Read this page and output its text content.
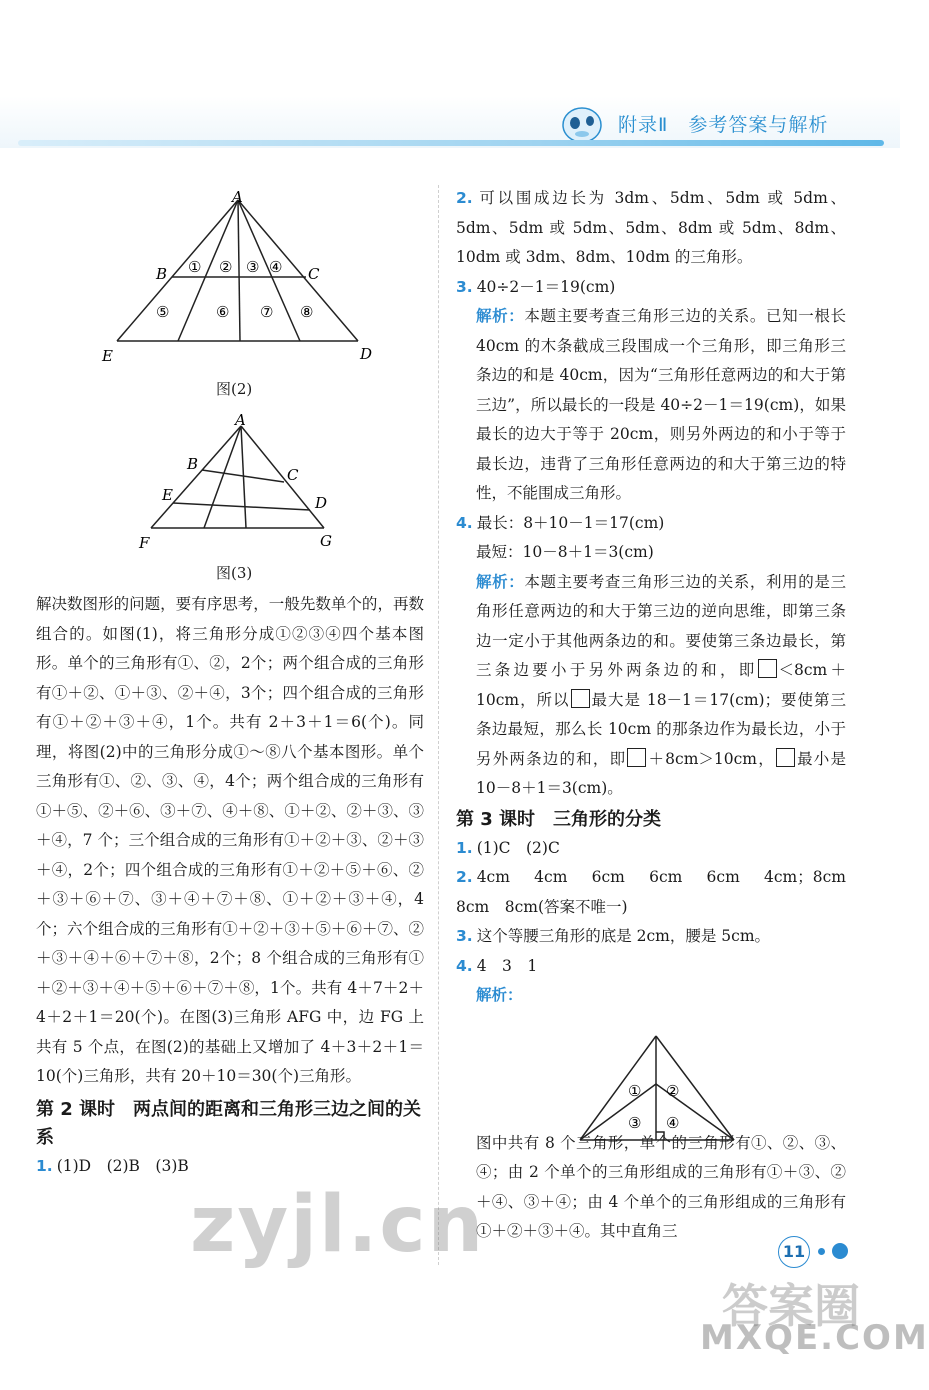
附录Ⅱ 参考答案与解析
A
B	C
E	D
① ② ③ ④
⑤	⑥ ⑦ ⑧
图(2)
A
B
C
E	D
F	G
图(3)

解决数图形的问题，要有序思考，一般先数单个的，再数组合的。如图(1)，将三角形分成①②③④四个基本图形。单个的三角形有①、②，2个；两个组合成的三角形有①＋②、①＋③、②＋④，3个；四个组合成的三角形有①＋②＋③＋④，1个。共有 2＋3＋1＝6(个)。同理，将图(2)中的三角形分成①～⑧八个基本图形。单个三角形有①、②、③、④，4个；两个组合成的三角形有①＋⑤、②＋⑥、③＋⑦、④＋⑧、①＋②、②＋③、③＋④，7 个；三个组合成的三角形有①＋②＋③、②＋③＋④，2个；四个组合成的三角形有①＋②＋⑤＋⑥、②＋③＋⑥＋⑦、③＋④＋⑦＋⑧、①＋②＋③＋④，4个；六个组合成的三角形有①＋②＋③＋⑤＋⑥＋⑦、②＋③＋④＋⑥＋⑦＋⑧，2个；8 个组合成的三角形有①＋②＋③＋④＋⑤＋⑥＋⑦＋⑧，1个。共有 4＋7＋2＋4＋2＋1＝20(个)。在图(3)三角形 AFG 中，边 FG 上共有 5 个点，在图(2)的基础上又增加了 4＋3＋2＋1＝10(个)三角形，共有 20＋10＝30(个)三角形。

第 2 课时　两点间的距离和三角形三边之间的关系

1. (1)D　(2)B　(3)B

2. 可以围成边长为 3dm、5dm、5dm 或 5dm、5dm、5dm 或 5dm、5dm、8dm 或 5dm、8dm、10dm 或 3dm、8dm、10dm 的三角形。

3. 40÷2－1＝19(cm)

解析：本题主要考查三角形三边的关系。已知一根长 40cm 的木条截成三段围成一个三角形，即三角形三条边的和是 40cm，因为“三角形任意两边的和大于第三边”，所以最长的一段是 40÷2－1＝19(cm)，如果最长的边大于等于 20cm，则另外两边的和小于等于最长边，违背了三角形任意两边的和大于第三边的特性，不能围成三角形。

4. 最长：8＋10－1＝17(cm)

最短：10－8＋1＝3(cm)

解析：本题主要考查三角形三边的关系，利用的是三角形任意两边的和大于第三边的逆向思维，即第三条边一定小于其他两条边的和。要使第三条边最长，第三条边要小于另外两条边的和，即 ＜8cm＋10cm，所以 最大是 18－1＝17(cm)；要使第三条边最短，那么长 10cm 的那条边作为最长边，小于另外两条边的和，即 ＋8cm＞10cm， 最小是 10－8＋1＝3(cm)。

第 3 课时　三角形的分类

1. (1)C　(2)C

2. 4cm　4cm　6cm　6cm　6cm　4cm；8cm　8cm　8cm(答案不唯一)

3. 这个等腰三角形的底是 2cm，腰是 5cm。

4. 4　3　1

解析：

图中共有 8 个三角形，单个的三角形有①、②、③、④；由 2 个单个的三角形组成的三角形有①＋③、②＋④、③＋④；由 4 个单个的三角形组成的三角形有①＋②＋③＋④。其中直角三

① ②
③ ④
11
zyjl.cn
答案圈
MXQE.COM
